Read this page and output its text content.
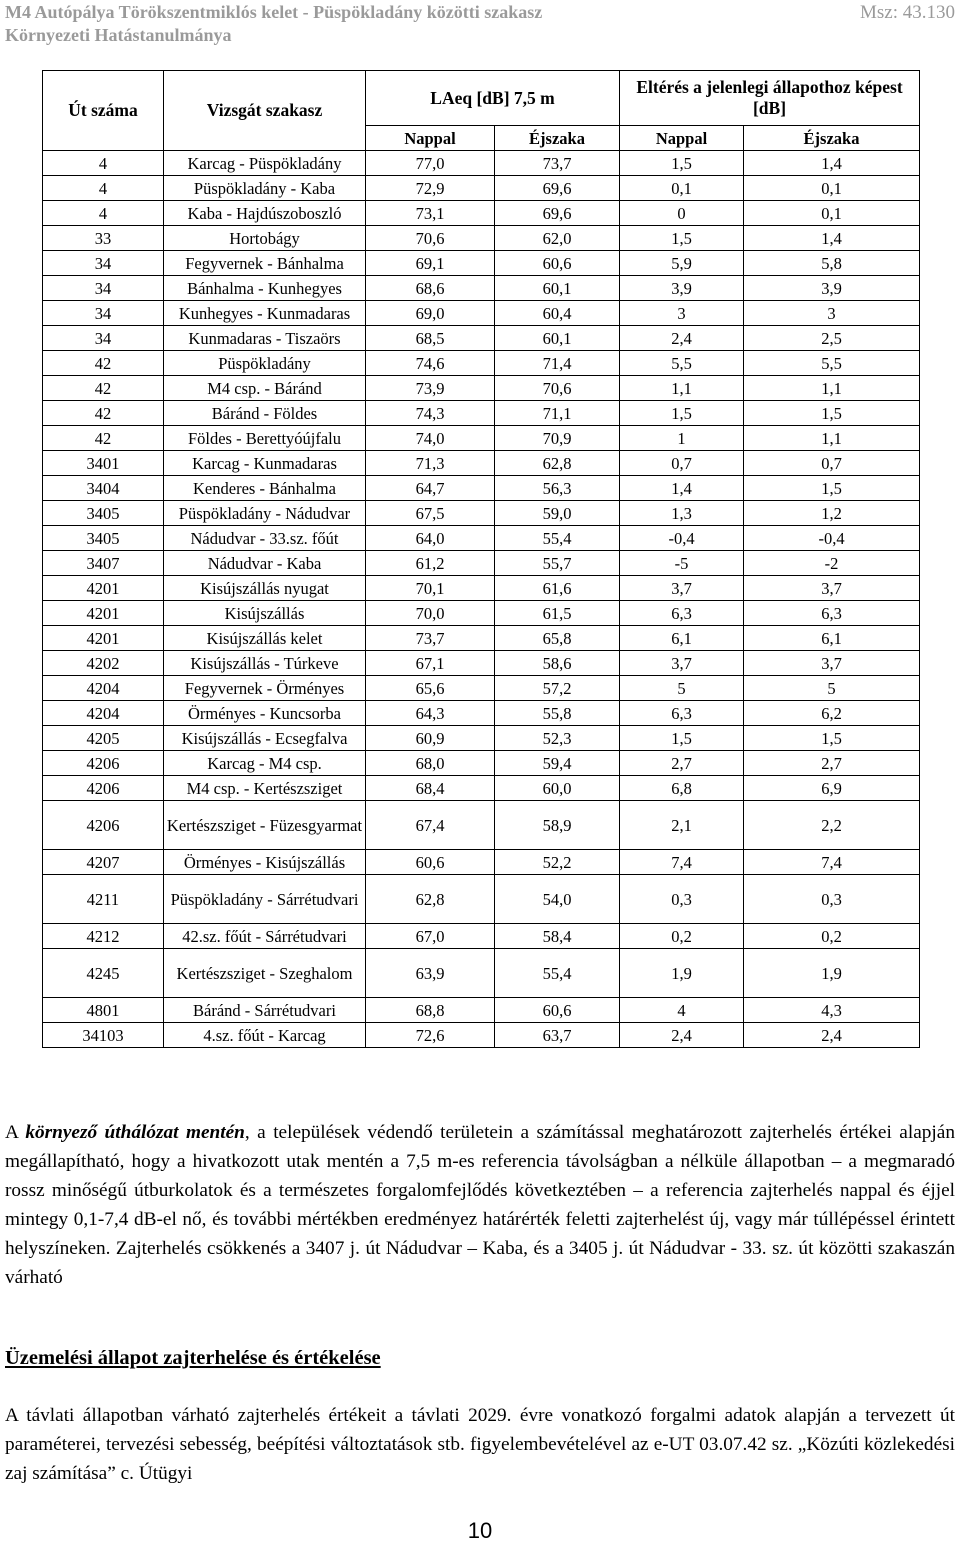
M4 Autópálya Törökszentmiklós kelet - Püspökladány közötti szakasz
Környezeti Hatástanulmánya
Msz: 43.130
Út száma	Vizsgát szakasz	LAeq [dB] 7,5 m		Eltérés a jelenlegi állapothoz képest [dB]	
		Nappal	Éjszaka	Nappal	Éjszaka
4	Karcag - Püspökladány	77,0	73,7	1,5	1,4
4	Püspökladány - Kaba	72,9	69,6	0,1	0,1
4	Kaba - Hajdúszoboszló	73,1	69,6	0	0,1
33	Hortobágy	70,6	62,0	1,5	1,4
34	Fegyvernek - Bánhalma	69,1	60,6	5,9	5,8
34	Bánhalma - Kunhegyes	68,6	60,1	3,9	3,9
34	Kunhegyes - Kunmadaras	69,0	60,4	3	3
34	Kunmadaras - Tiszaörs	68,5	60,1	2,4	2,5
42	Püspökladány	74,6	71,4	5,5	5,5
42	M4 csp. - Báránd	73,9	70,6	1,1	1,1
42	Báránd - Földes	74,3	71,1	1,5	1,5
42	Földes - Berettyóújfalu	74,0	70,9	1	1,1
3401	Karcag - Kunmadaras	71,3	62,8	0,7	0,7
3404	Kenderes - Bánhalma	64,7	56,3	1,4	1,5
3405	Püspökladány - Nádudvar	67,5	59,0	1,3	1,2
3405	Nádudvar - 33.sz. főút	64,0	55,4	-0,4	-0,4
3407	Nádudvar - Kaba	61,2	55,7	-5	-2
4201	Kisújszállás nyugat	70,1	61,6	3,7	3,7
4201	Kisújszállás	70,0	61,5	6,3	6,3
4201	Kisújszállás kelet	73,7	65,8	6,1	6,1
4202	Kisújszállás - Túrkeve	67,1	58,6	3,7	3,7
4204	Fegyvernek - Örményes	65,6	57,2	5	5
4204	Örményes - Kuncsorba	64,3	55,8	6,3	6,2
4205	Kisújszállás - Ecsegfalva	60,9	52,3	1,5	1,5
4206	Karcag - M4 csp.	68,0	59,4	2,7	2,7
4206	M4 csp. - Kertészsziget	68,4	60,0	6,8	6,9
4206	Kertészsziget - Füzesgyarmat	67,4	58,9	2,1	2,2
4207	Örményes - Kisújszállás	60,6	52,2	7,4	7,4
4211	Püspökladány - Sárrétudvari	62,8	54,0	0,3	0,3
4212	42.sz. főút - Sárrétudvari	67,0	58,4	0,2	0,2
4245	Kertészsziget - Szeghalom	63,9	55,4	1,9	1,9
4801	Báránd - Sárrétudvari	68,8	60,6	4	4,3
34103	4.sz. főút - Karcag	72,6	63,7	2,4	2,4

A környező úthálózat mentén, a települések védendő területein a számítással meghatározott zajterhelés értékei alapján megállapítható, hogy a hivatkozott utak mentén a 7,5 m-es referencia távolságban a nélküle állapotban – a megmaradó rossz minőségű útburkolatok és a természetes forgalomfejlődés következtében – a referencia zajterhelés nappal és éjjel mintegy 0,1-7,4 dB-el nő, és további mértékben eredményez határérték feletti zajterhelést új, vagy már túllépéssel érintett helyszíneken. Zajterhelés csökkenés a 3407 j. út Nádudvar – Kaba, és a 3405 j. út Nádudvar - 33. sz. út közötti szakaszán várható

Üzemelési állapot zajterhelése és értékelése

A távlati állapotban várható zajterhelés értékeit a távlati 2029. évre vonatkozó forgalmi adatok alapján a tervezett út paraméterei, tervezési sebesség, beépítési változtatások stb. figyelembevételével az e-UT 03.07.42 sz. „Közúti közlekedési zaj számítása” c. Útügyi

10
